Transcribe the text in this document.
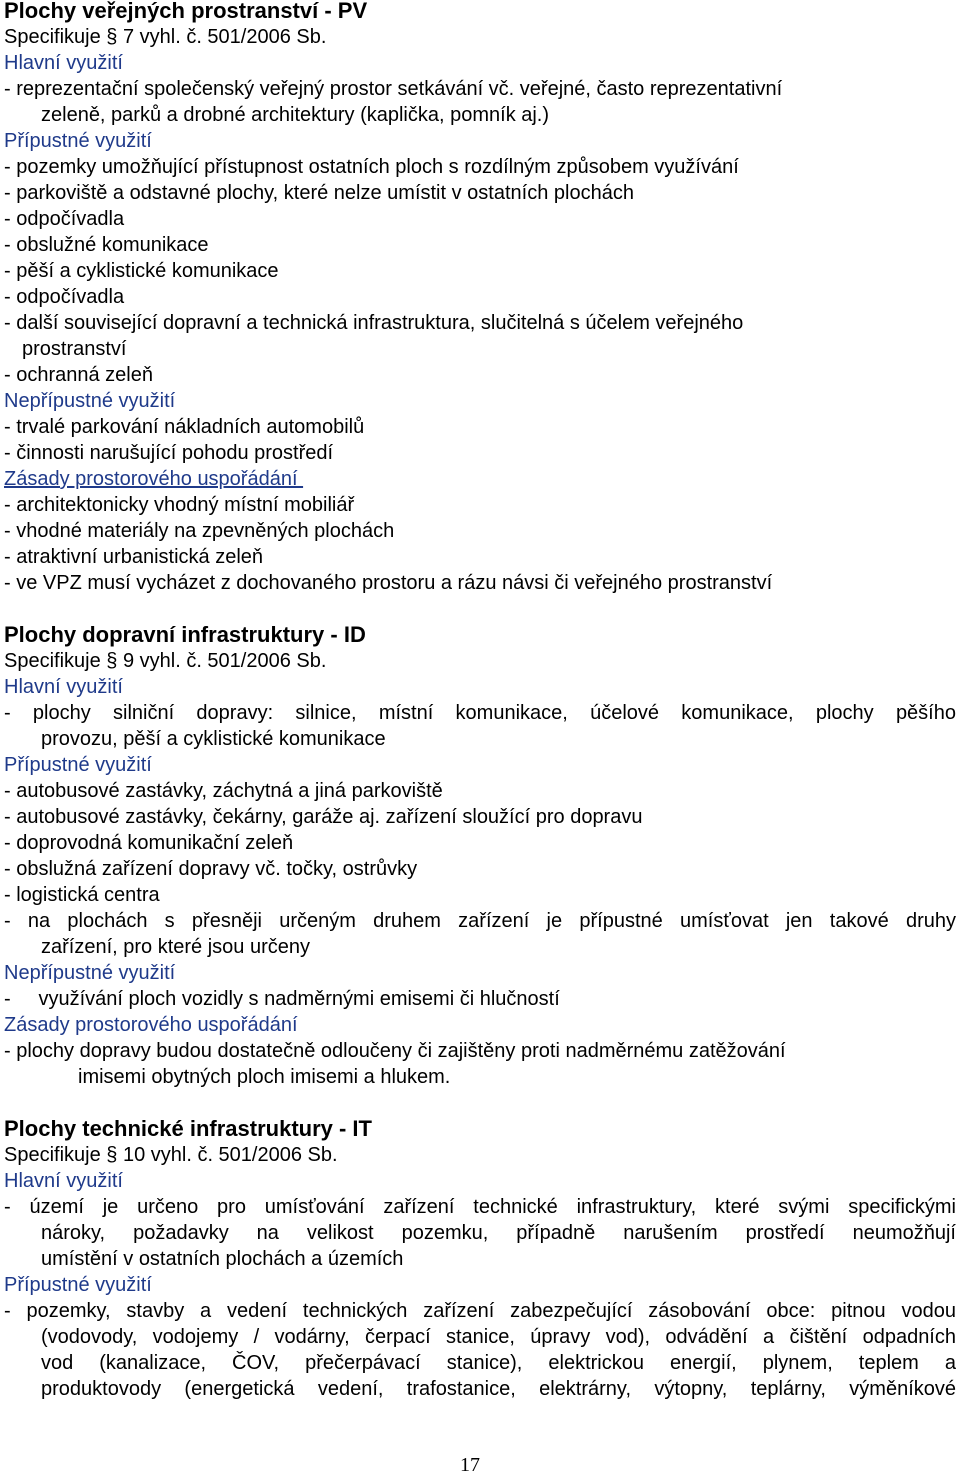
Plochy veřejných prostranství - PV
Specifikuje § 7 vyhl. č. 501/2006 Sb.
Hlavní využití
- reprezentační společenský veřejný prostor setkávání vč. veřejné, často reprezentativní
zeleně, parků a drobné architektury (kaplička, pomník aj.)
Přípustné využití
- pozemky umožňující přístupnost ostatních ploch s rozdílným způsobem využívání
- parkoviště a odstavné plochy, které nelze umístit v ostatních plochách
- odpočívadla
- obslužné komunikace
- pěší a cyklistické komunikace
- odpočívadla
- další související dopravní a technická infrastruktura, slučitelná s účelem veřejného
prostranství
- ochranná zeleň
Nepřípustné využití
- trvalé parkování nákladních automobilů
- činnosti narušující pohodu prostředí
Zásady prostorového uspořádání
- architektonicky vhodný místní mobiliář
- vhodné materiály na zpevněných plochách
- atraktivní urbanistická zeleň
- ve VPZ musí vycházet z dochovaného prostoru a rázu návsi či veřejného prostranství
Plochy dopravní infrastruktury - ID
Specifikuje § 9 vyhl. č. 501/2006 Sb.
Hlavní využití
- plochy silniční dopravy: silnice, místní komunikace, účelové komunikace, plochy pěšího
provozu, pěší a cyklistické komunikace
Přípustné využití
- autobusové zastávky, záchytná a jiná parkoviště
- autobusové zastávky, čekárny, garáže aj. zařízení sloužící pro dopravu
- doprovodná komunikační zeleň
- obslužná zařízení dopravy vč. točky, ostrůvky
- logistická centra
- na plochách s přesněji určeným druhem zařízení je přípustné umísťovat jen takové druhy
zařízení, pro které jsou určeny
Nepřípustné využití
-     využívání ploch vozidly s nadměrnými emisemi či hlučností
Zásady prostorového uspořádání
- plochy dopravy budou dostatečně odloučeny či zajištěny proti nadměrnému zatěžování
imisemi obytných ploch imisemi a hlukem.
Plochy technické infrastruktury - IT
Specifikuje § 10 vyhl. č. 501/2006 Sb.
Hlavní využití
- území je určeno pro umísťování zařízení technické infrastruktury, které svými specifickými
nároky, požadavky na velikost pozemku, případně narušením prostředí neumožňují
umístění v ostatních plochách a územích
Přípustné využití
- pozemky, stavby a vedení technických zařízení zabezpečující zásobování obce: pitnou vodou
(vodovody, vodojemy / vodárny, čerpací stanice, úpravy vod), odvádění a čištění odpadních
vod (kanalizace, ČOV, přečerpávací stanice), elektrickou energií, plynem, teplem a
produktovody (energetická vedení, trafostanice, elektrárny, výtopny, teplárny, výměníkové
17
